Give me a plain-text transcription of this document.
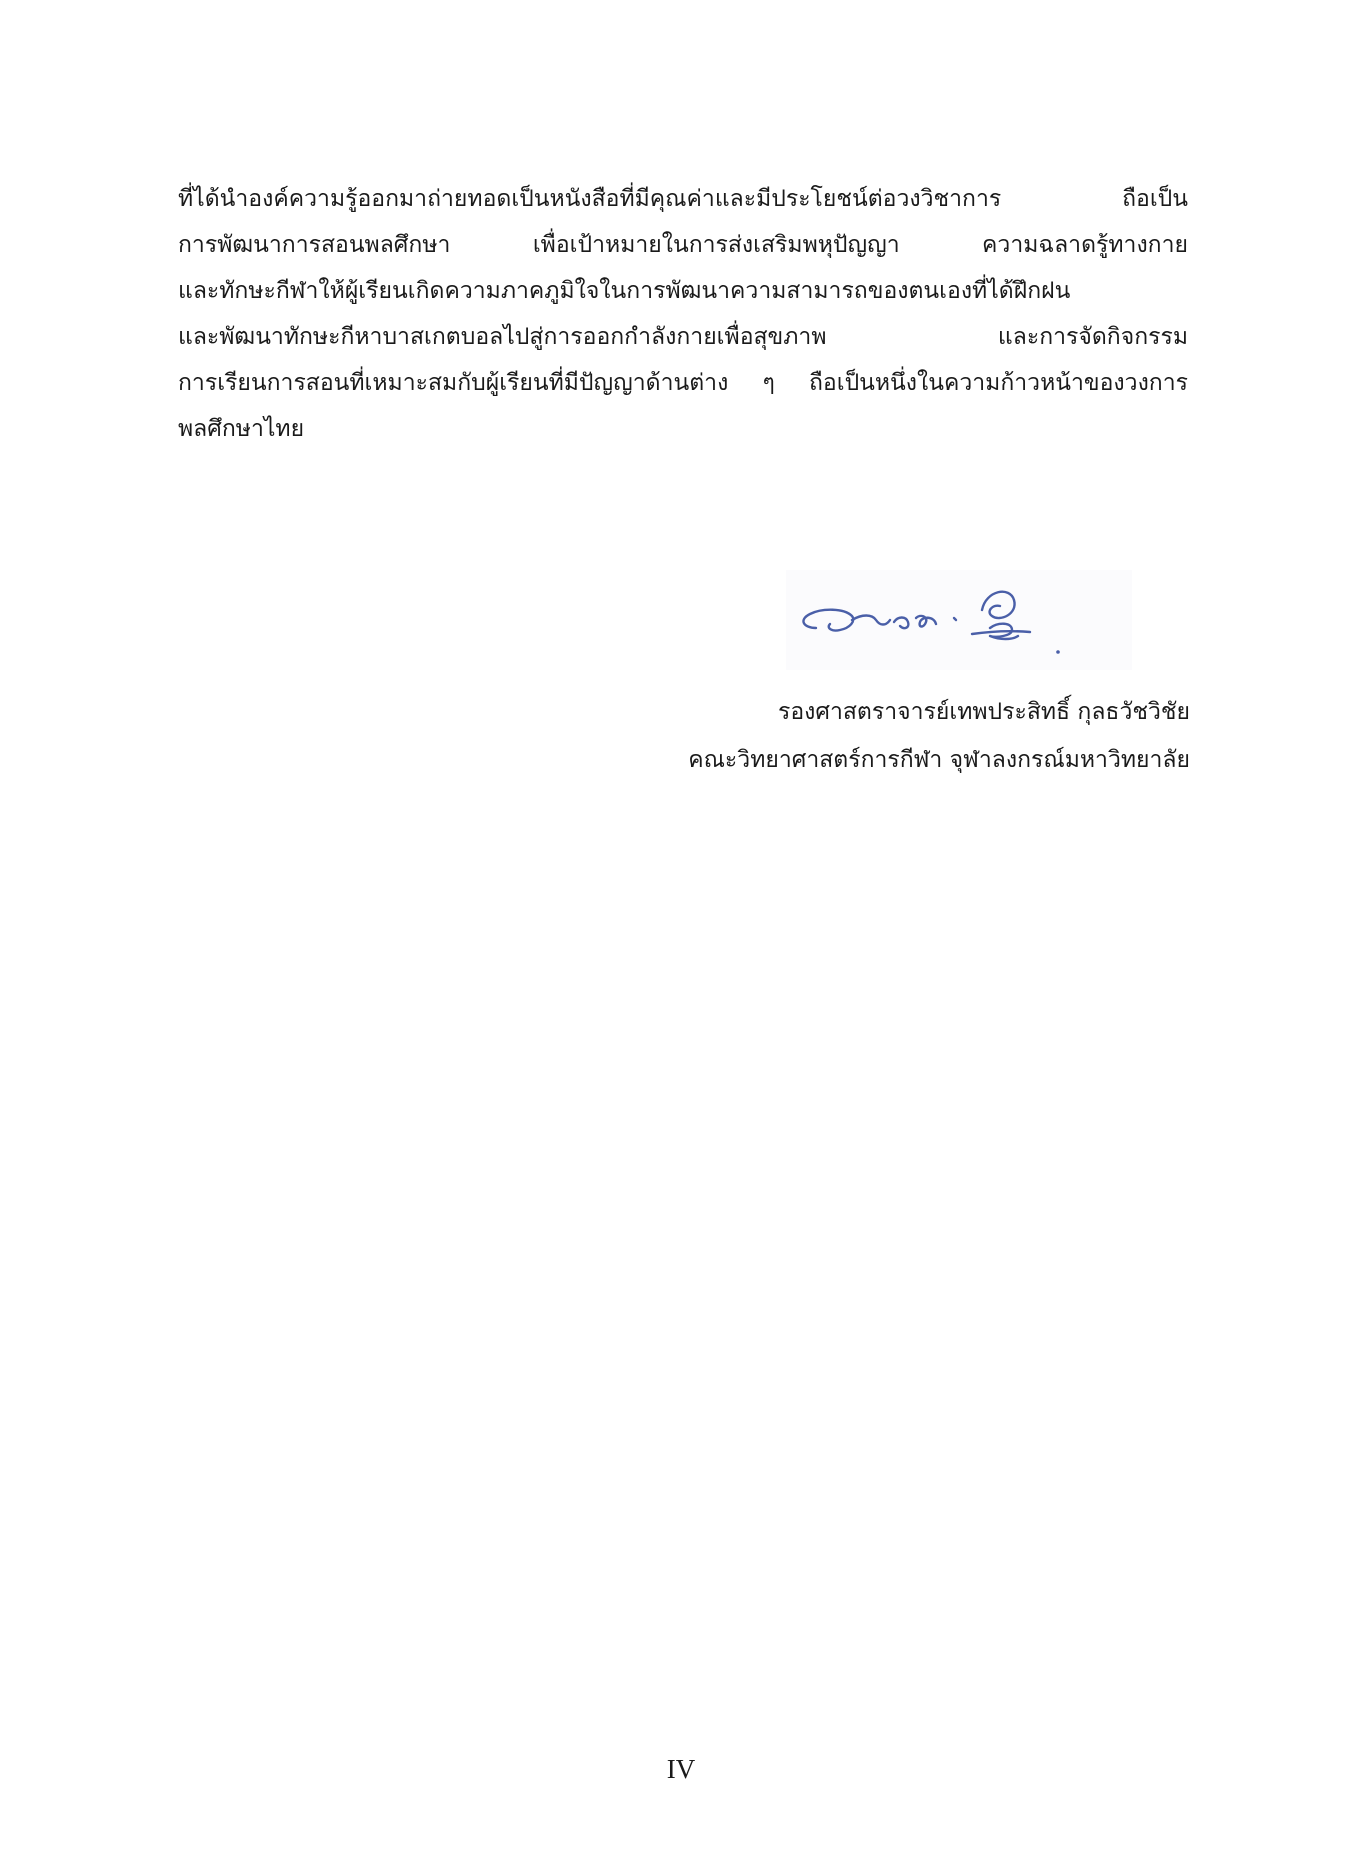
ที่ได้นำองค์ความรู้ออกมาถ่ายทอดเป็นหนังสือที่มีคุณค่าและมีประโยชน์ต่อวงวิชาการ ถือเป็น
การพัฒนาการสอนพลศึกษา เพื่อเป้าหมายในการส่งเสริมพหุปัญญา ความฉลาดรู้ทางกาย
และทักษะกีฬาให้ผู้เรียนเกิดความภาคภูมิใจในการพัฒนาความสามารถของตนเองที่ได้ฝึกฝน
และพัฒนาทักษะกีหาบาสเกตบอลไปสู่การออกกำลังกายเพื่อสุขภาพ และการจัดกิจกรรม
การเรียนการสอนที่เหมาะสมกับผู้เรียนที่มีปัญญาด้านต่าง ๆ ถือเป็นหนึ่งในความก้าวหน้าของวงการ
พลศึกษาไทย
รองศาสตราจารย์เทพประสิทธิ์ กุลธวัชวิชัย
คณะวิทยาศาสตร์การกีฬา จุฬาลงกรณ์มหาวิทยาลัย
IV
